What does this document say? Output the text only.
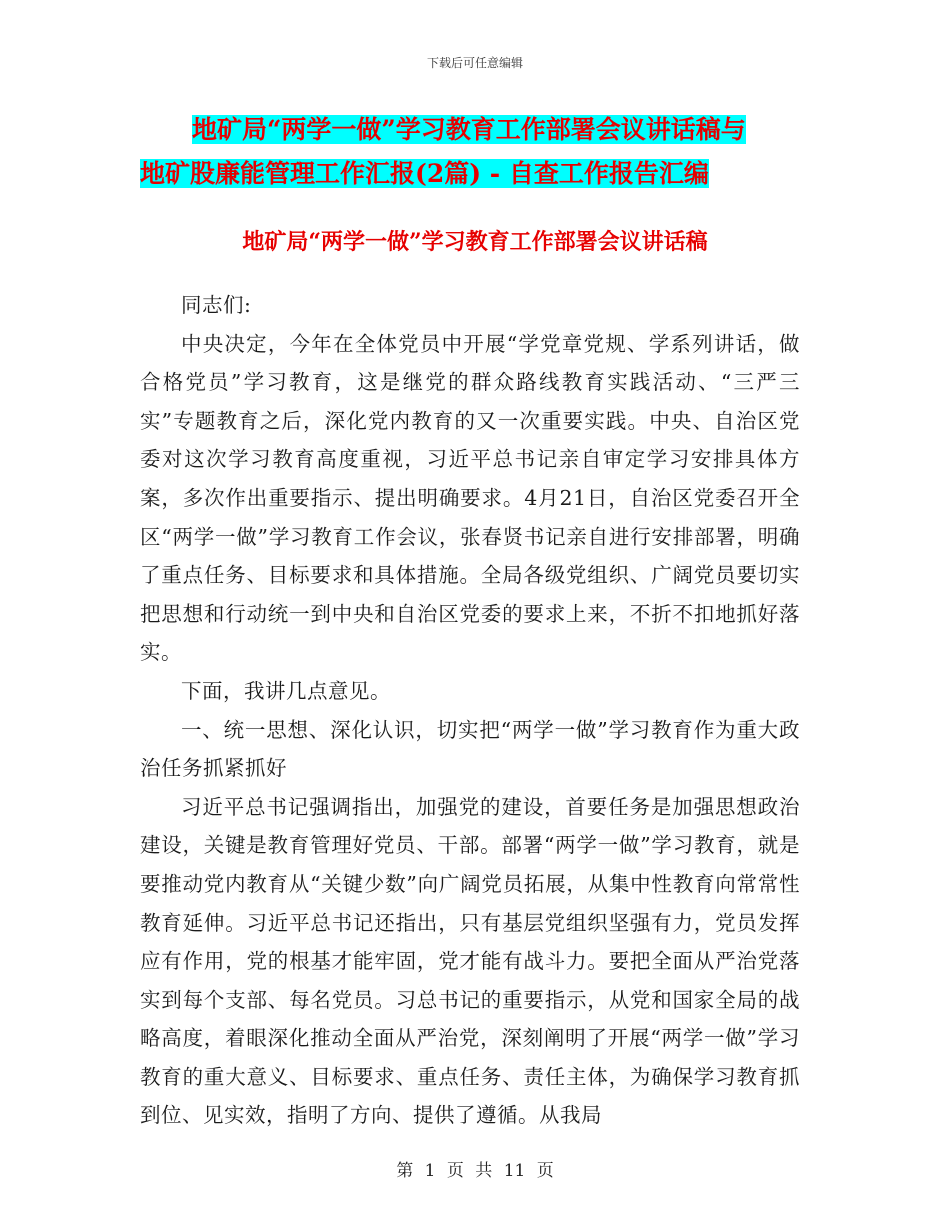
下载后可任意编辑
地矿局“两学一做”学习教育工作部署会议讲话稿与
地矿股廉能管理工作汇报(2篇) - 自查工作报告汇编
地矿局“两学一做”学习教育工作部署会议讲话稿

同志们:

中央决定，今年在全体党员中开展“学党章党规、学系列讲话，做合格党员”学习教育，这是继党的群众路线教育实践活动、“三严三实”专题教育之后，深化党内教育的又一次重要实践。中央、自治区党委对这次学习教育高度重视，习近平总书记亲自审定学习安排具体方案，多次作出重要指示、提出明确要求。4月21日，自治区党委召开全区“两学一做”学习教育工作会议，张春贤书记亲自进行安排部署，明确了重点任务、目标要求和具体措施。全局各级党组织、广阔党员要切实把思想和行动统一到中央和自治区党委的要求上来，不折不扣地抓好落实。

下面，我讲几点意见。

一、统一思想、深化认识，切实把“两学一做”学习教育作为重大政治任务抓紧抓好

习近平总书记强调指出，加强党的建设，首要任务是加强思想政治建设，关键是教育管理好党员、干部。部署“两学一做”学习教育，就是要推动党内教育从“关键少数”向广阔党员拓展，从集中性教育向常常性教育延伸。习近平总书记还指出，只有基层党组织坚强有力，党员发挥应有作用，党的根基才能牢固，党才能有战斗力。要把全面从严治党落实到每个支部、每名党员。习总书记的重要指示，从党和国家全局的战略高度，着眼深化推动全面从严治党，深刻阐明了开展“两学一做”学习教育的重大意义、目标要求、重点任务、责任主体，为确保学习教育抓到位、见实效，指明了方向、提供了遵循。从我局

第 1 页 共 11 页
